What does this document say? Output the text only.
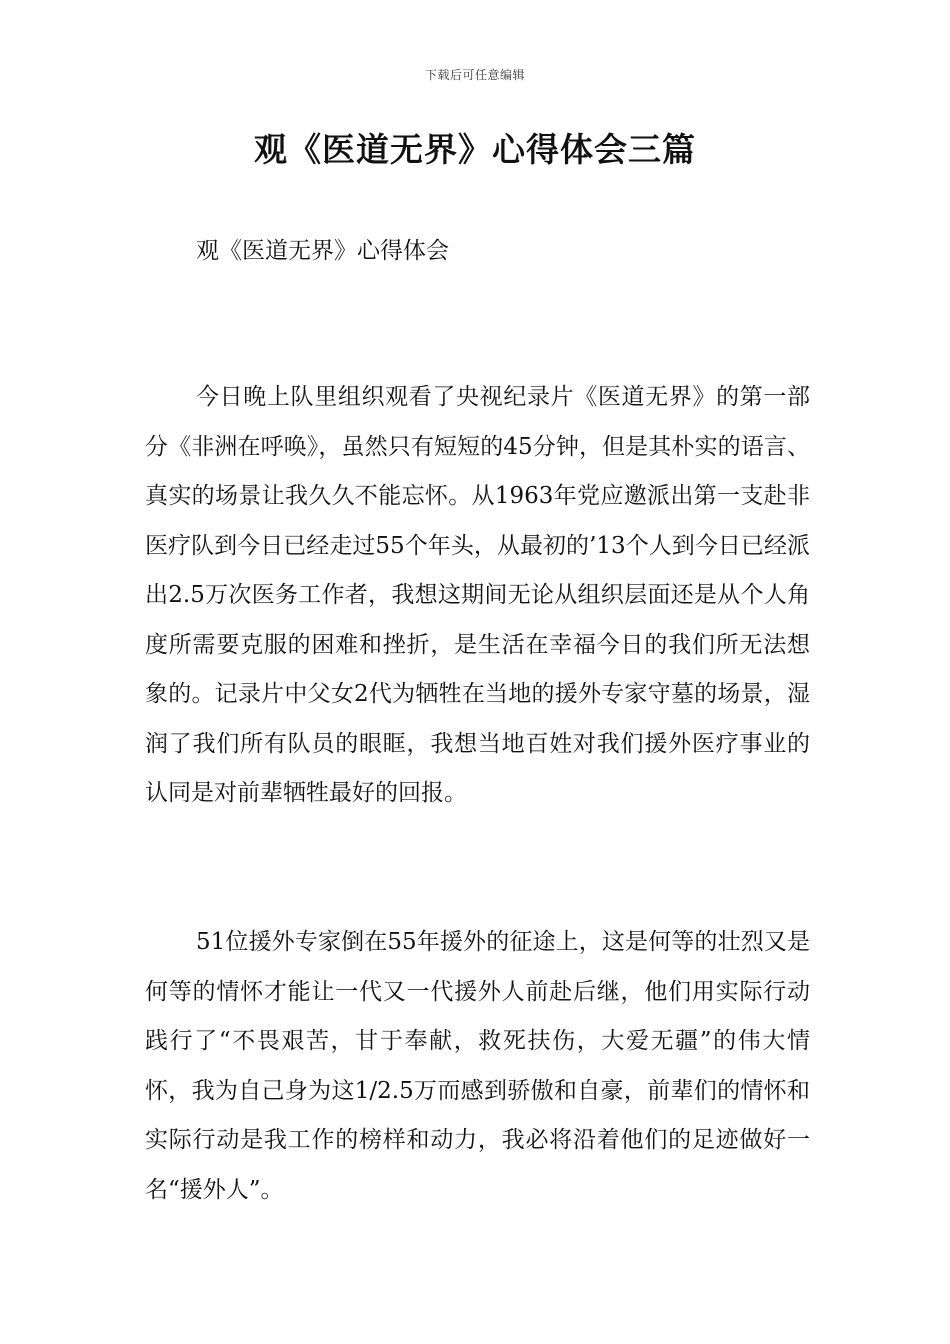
下载后可任意编辑
观《医道无界》心得体会三篇

观《医道无界》心得体会

今日晚上队里组织观看了央视纪录片《医道无界》的第一部分《非洲在呼唤》，虽然只有短短的45分钟，但是其朴实的语言、真实的场景让我久久不能忘怀。从1963年党应邀派出第一支赴非医疗队到今日已经走过55个年头，从最初的’13个人到今日已经派出2.5万次医务工作者，我想这期间无论从组织层面还是从个人角度所需要克服的困难和挫折，是生活在幸福今日的我们所无法想象的。记录片中父女2代为牺牲在当地的援外专家守墓的场景，湿润了我们所有队员的眼眶，我想当地百姓对我们援外医疗事业的认同是对前辈牺牲最好的回报。

51位援外专家倒在55年援外的征途上，这是何等的壮烈又是何等的情怀才能让一代又一代援外人前赴后继，他们用实际行动践行了“不畏艰苦，甘于奉献，救死扶伤，大爱无疆”的伟大情怀，我为自己身为这1/2.5万而感到骄傲和自豪，前辈们的情怀和实际行动是我工作的榜样和动力，我必将沿着他们的足迹做好一名“援外人”。
